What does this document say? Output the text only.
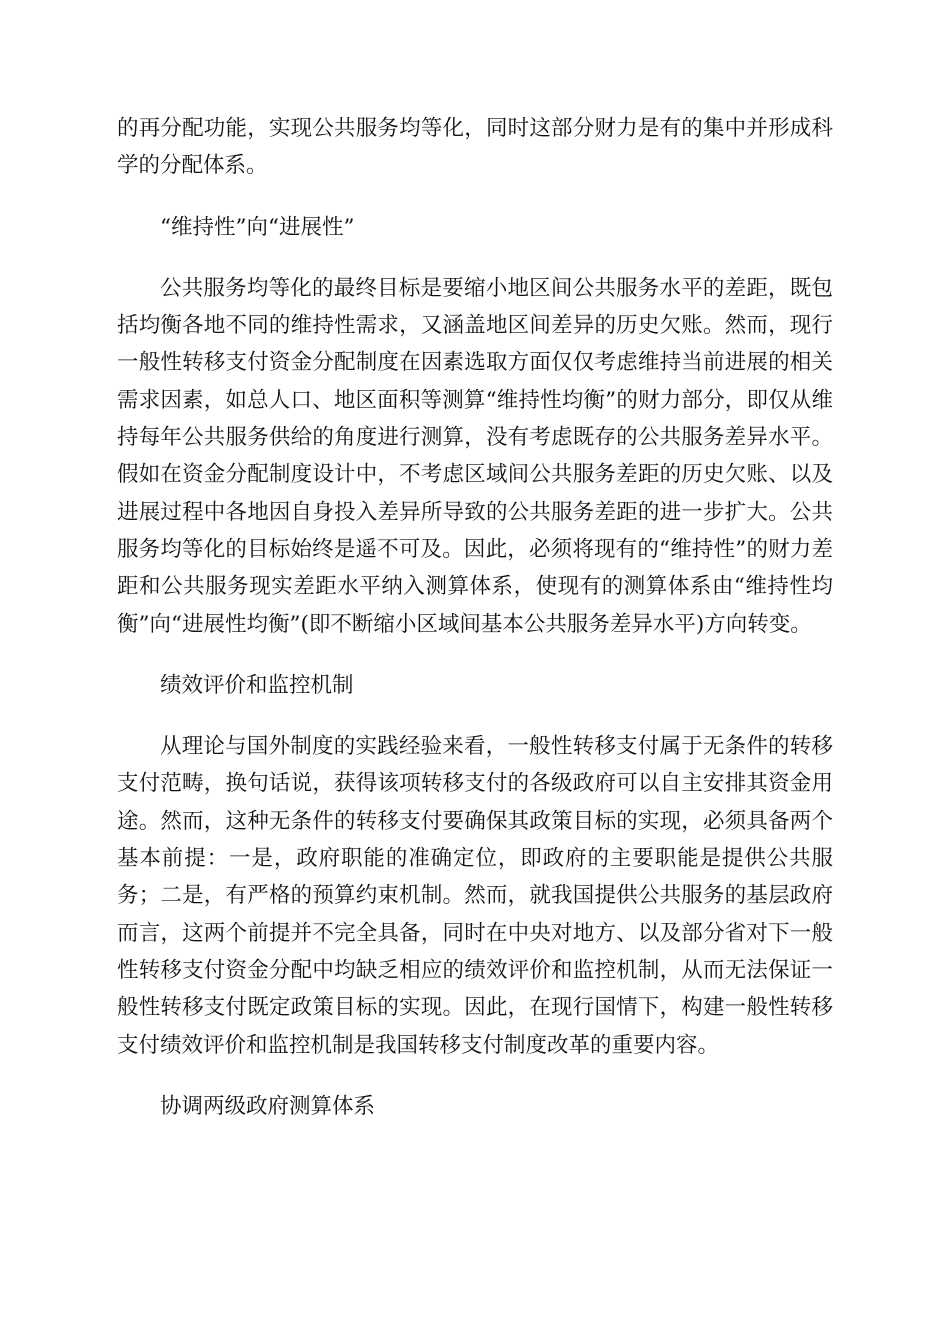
的再分配功能，实现公共服务均等化，同时这部分财力是有的集中并形成科学的分配体系。

“维持性”向“进展性”

公共服务均等化的最终目标是要缩小地区间公共服务水平的差距，既包括均衡各地不同的维持性需求，又涵盖地区间差异的历史欠账。然而，现行一般性转移支付资金分配制度在因素选取方面仅仅考虑维持当前进展的相关需求因素，如总人口、地区面积等测算“维持性均衡”的财力部分，即仅从维持每年公共服务供给的角度进行测算，没有考虑既存的公共服务差异水平。假如在资金分配制度设计中，不考虑区域间公共服务差距的历史欠账、以及进展过程中各地因自身投入差异所导致的公共服务差距的进一步扩大。公共服务均等化的目标始终是遥不可及。因此，必须将现有的“维持性”的财力差距和公共服务现实差距水平纳入测算体系，使现有的测算体系由“维持性均衡”向“进展性均衡”(即不断缩小区域间基本公共服务差异水平)方向转变。

绩效评价和监控机制

从理论与国外制度的实践经验来看，一般性转移支付属于无条件的转移支付范畴，换句话说，获得该项转移支付的各级政府可以自主安排其资金用途。然而，这种无条件的转移支付要确保其政策目标的实现，必须具备两个基本前提：一是，政府职能的准确定位，即政府的主要职能是提供公共服务；二是，有严格的预算约束机制。然而，就我国提供公共服务的基层政府而言，这两个前提并不完全具备，同时在中央对地方、以及部分省对下一般性转移支付资金分配中均缺乏相应的绩效评价和监控机制，从而无法保证一般性转移支付既定政策目标的实现。因此，在现行国情下，构建一般性转移支付绩效评价和监控机制是我国转移支付制度改革的重要内容。

协调两级政府测算体系
